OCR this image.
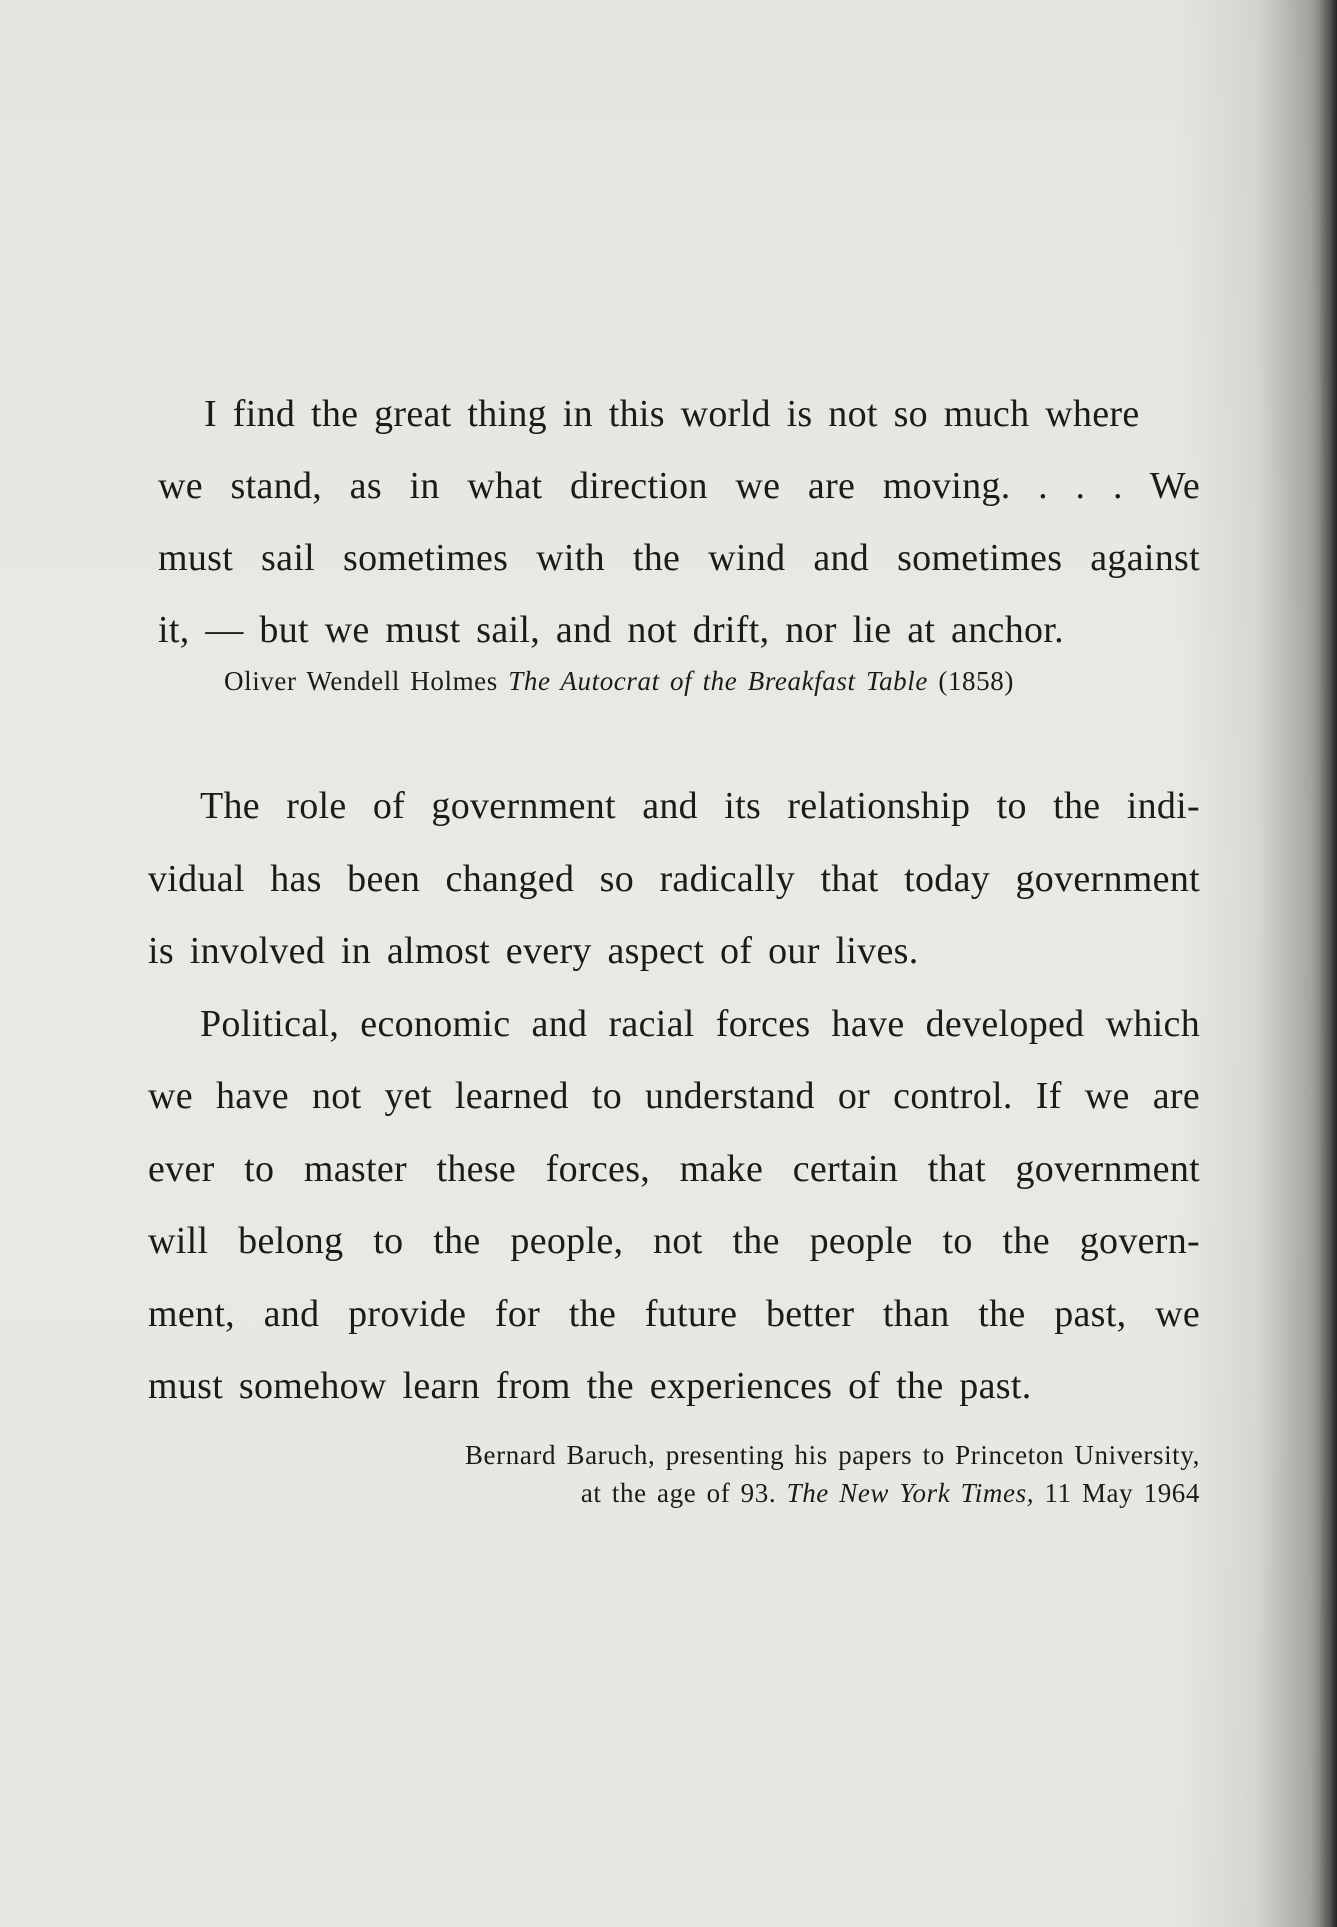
I find the great thing in this world is not so much where
we stand, as in what direction we are moving. . . . We
must sail sometimes with the wind and sometimes against
it, — but we must sail, and not drift, nor lie at anchor.
Oliver Wendell Holmes The Autocrat of the Breakfast Table (1858)
The role of government and its relationship to the indi-
vidual has been changed so radically that today government
is involved in almost every aspect of our lives.
Political, economic and racial forces have developed which
we have not yet learned to understand or control. If we are
ever to master these forces, make certain that government
will belong to the people, not the people to the govern-
ment, and provide for the future better than the past, we
must somehow learn from the experiences of the past.
Bernard Baruch, presenting his papers to Princeton University,
at the age of 93. The New York Times, 11 May 1964
